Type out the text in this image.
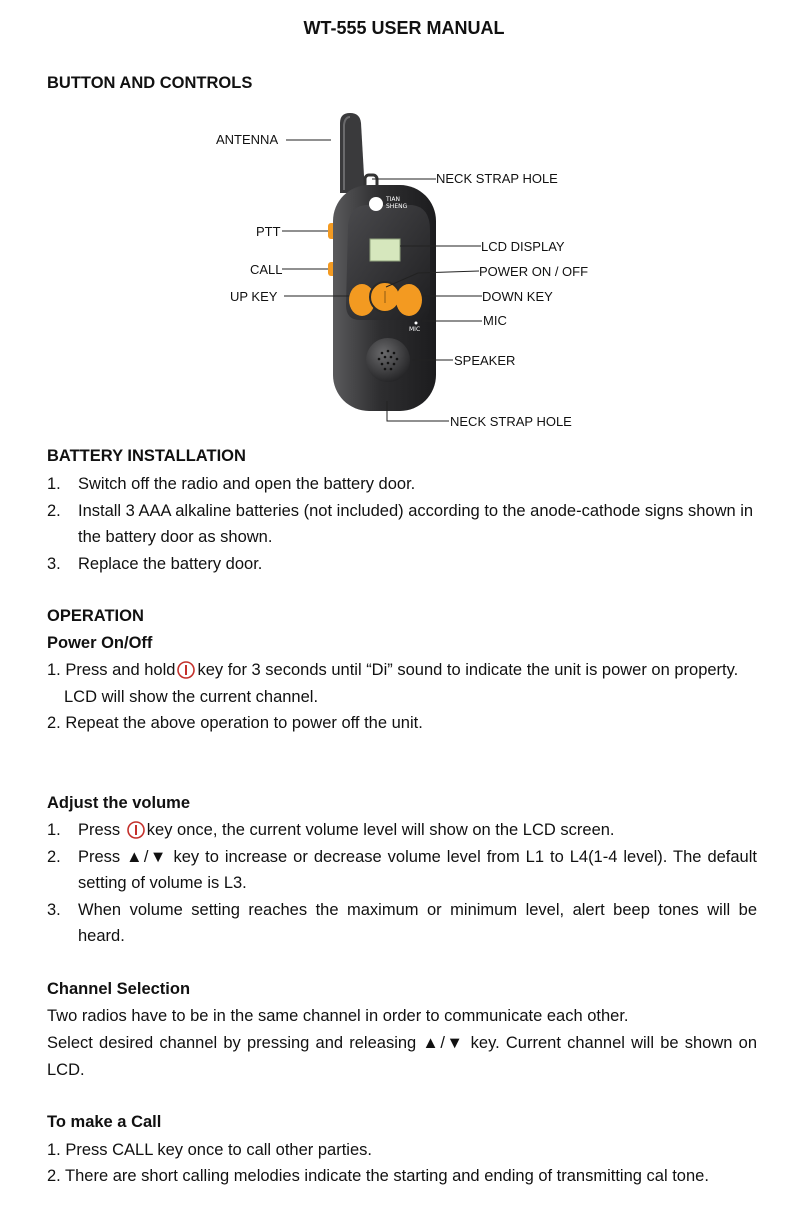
WT-555 USER MANUAL
BUTTON AND CONTROLS
TIAN
SHENG
MIC
ANTENNA
NECK STRAP HOLE
PTT
LCD DISPLAY
CALL	POWER ON / OFF
UP KEY	DOWN KEY
MIC
SPEAKER
NECK STRAP HOLE
BATTERY INSTALLATION
1. Switch off the radio and open the battery door.
2. Install 3 AAA alkaline batteries (not included) according to the anode-cathode signs shown in the battery door as shown.
3. Replace the battery door.
OPERATION
Power On/Off
1. Press and hold key for 3 seconds until “Di” sound to indicate the unit is power on property.
LCD will show the current channel.
2. Repeat the above operation to power off the unit.
Adjust the volume
1. Press key once, the current volume level will show on the LCD screen.
2. Press ▲/▼ key to increase or decrease volume level from L1 to L4(1-4 level). The default setting of volume is L3.
3. When volume setting reaches the maximum or minimum level, alert beep tones will be heard.
Channel Selection

Two radios have to be in the same channel in order to communicate each other.

Select desired channel by pressing and releasing ▲/▼ key. Current channel will be shown on LCD.

To make a Call

1. Press CALL key once to call other parties.

2. There are short calling melodies indicate the starting and ending of transmitting cal tone.
